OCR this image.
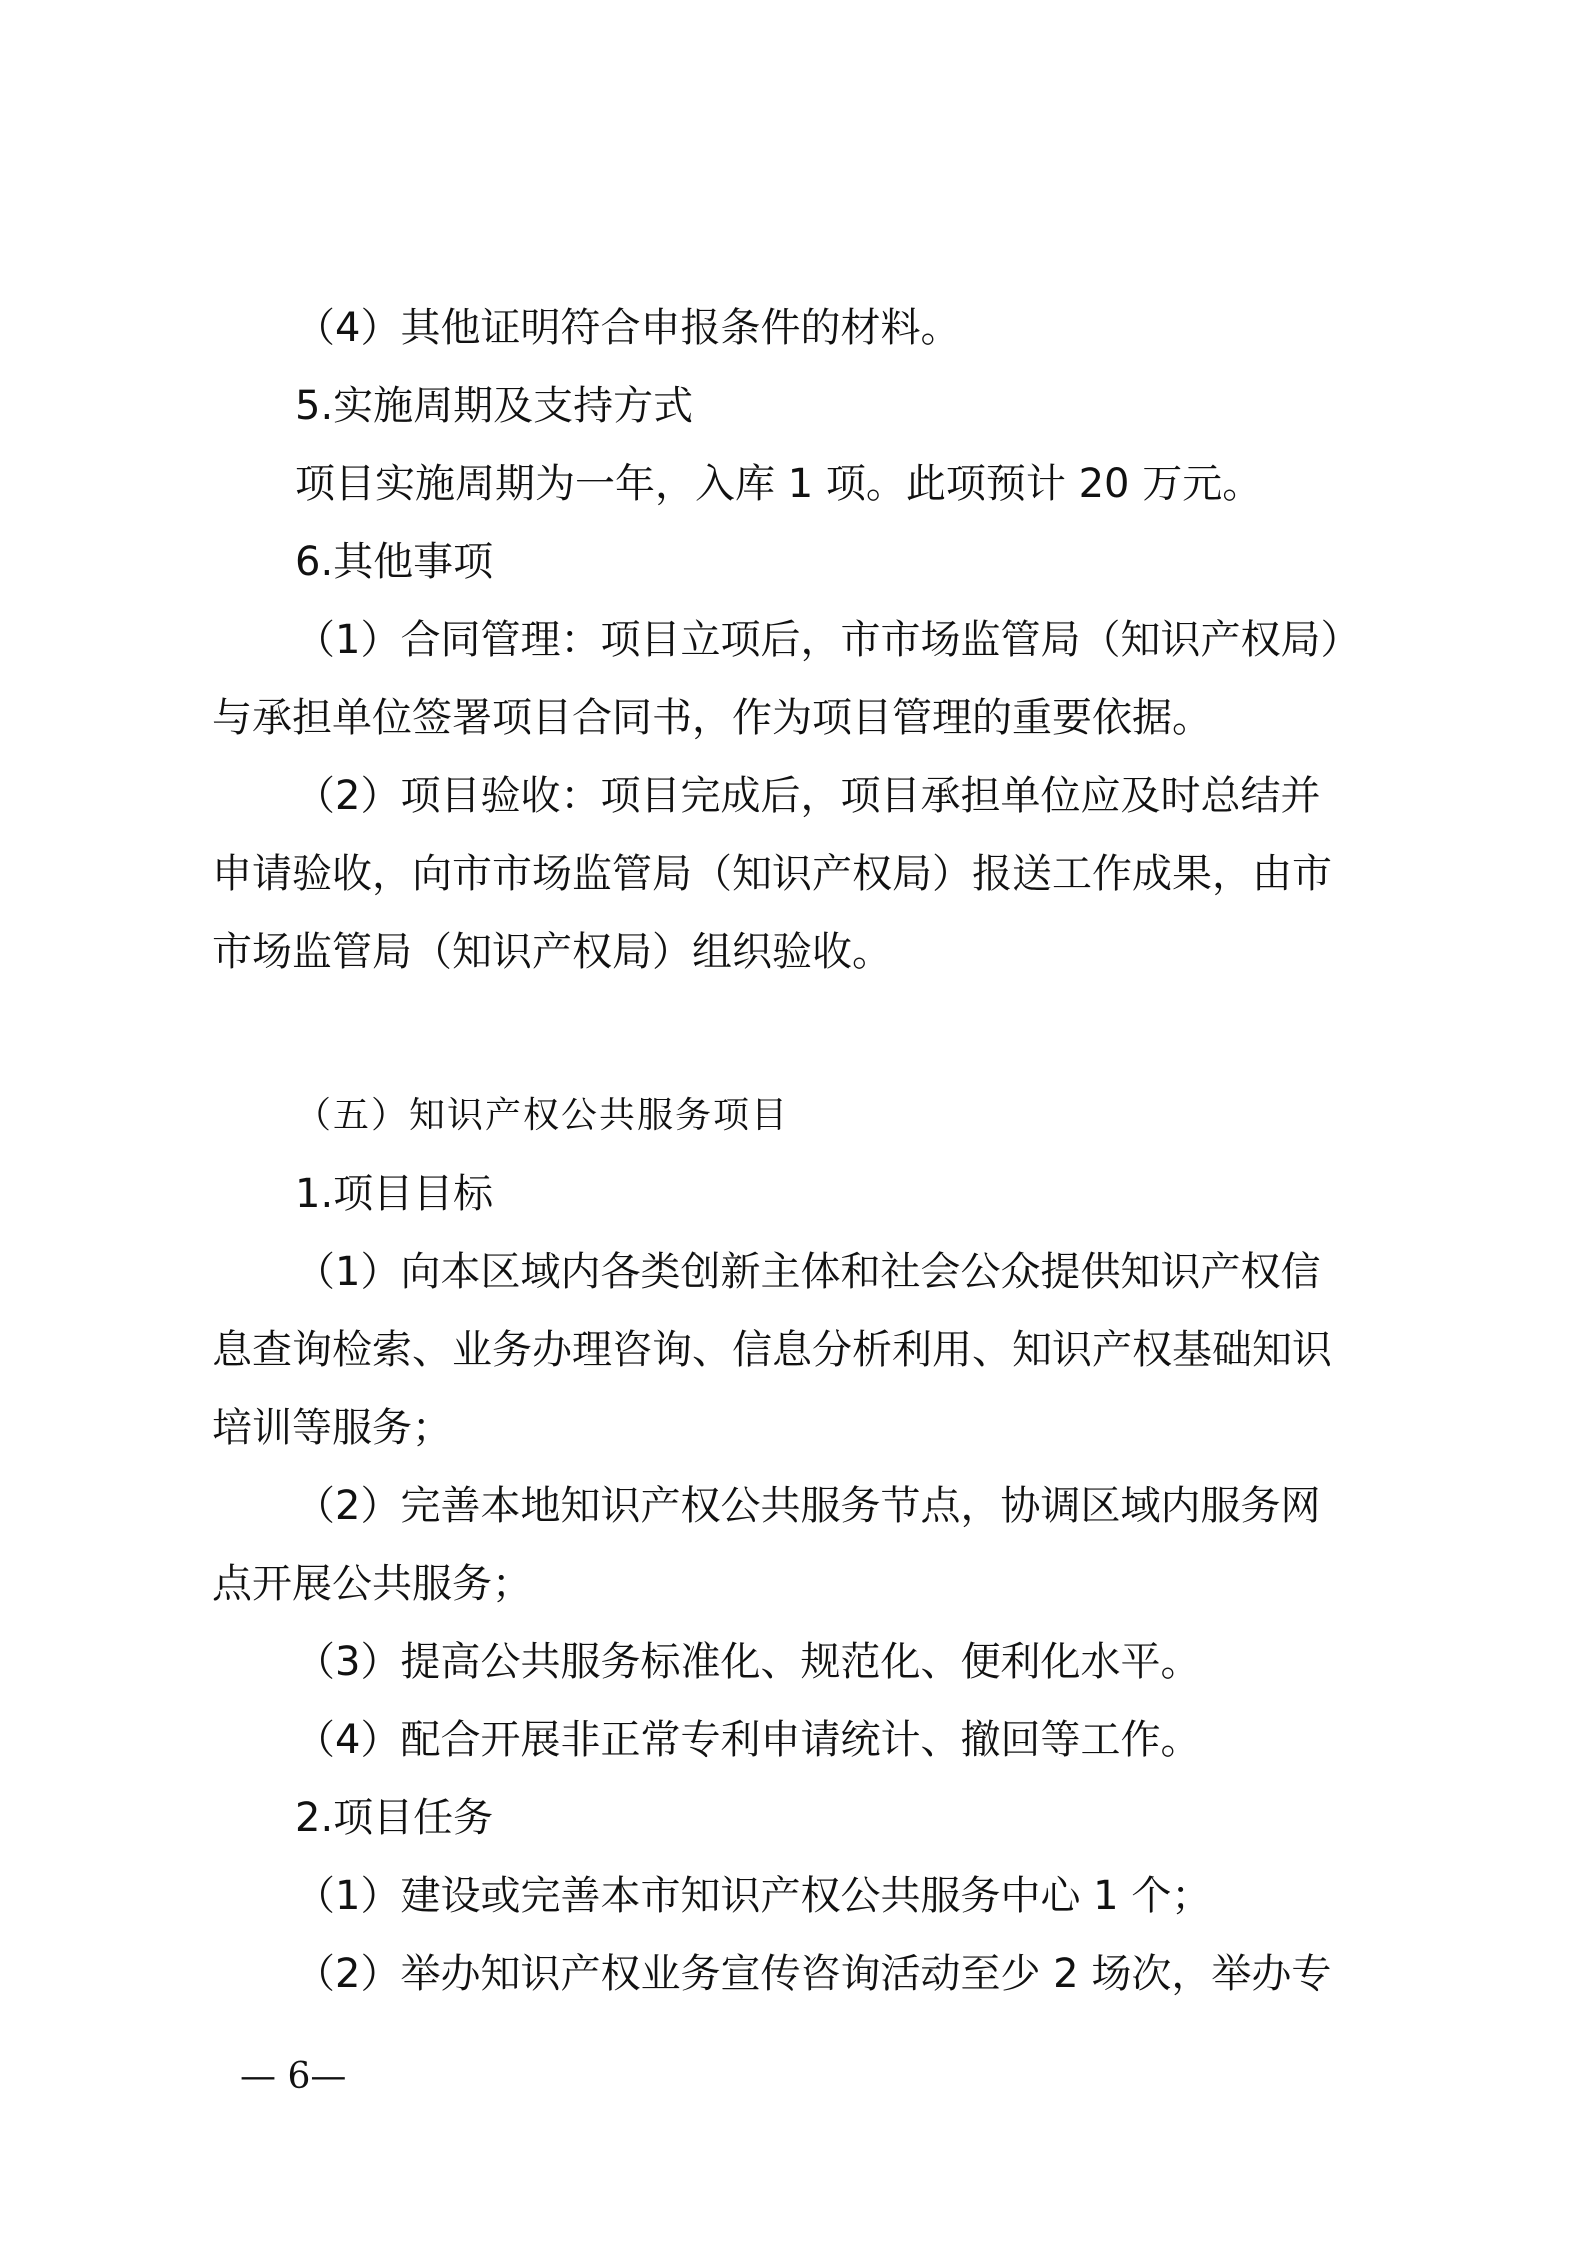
（4）其他证明符合申报条件的材料。
5.实施周期及支持方式
项目实施周期为一年，入库 1 项。此项预计 20 万元。
6.其他事项
（1）合同管理：项目立项后，市市场监管局（知识产权局）
与承担单位签署项目合同书，作为项目管理的重要依据。
（2）项目验收：项目完成后，项目承担单位应及时总结并
申请验收，向市市场监管局（知识产权局）报送工作成果，由市
市场监管局（知识产权局）组织验收。
（五）知识产权公共服务项目
1.项目目标
（1）向本区域内各类创新主体和社会公众提供知识产权信
息查询检索、业务办理咨询、信息分析利用、知识产权基础知识
培训等服务；
（2）完善本地知识产权公共服务节点，协调区域内服务网
点开展公共服务；
（3）提高公共服务标准化、规范化、便利化水平。
（4）配合开展非正常专利申请统计、撤回等工作。
2.项目任务
（1）建设或完善本市知识产权公共服务中心 1 个；
（2）举办知识产权业务宣传咨询活动至少 2 场次，举办专
— 6—
